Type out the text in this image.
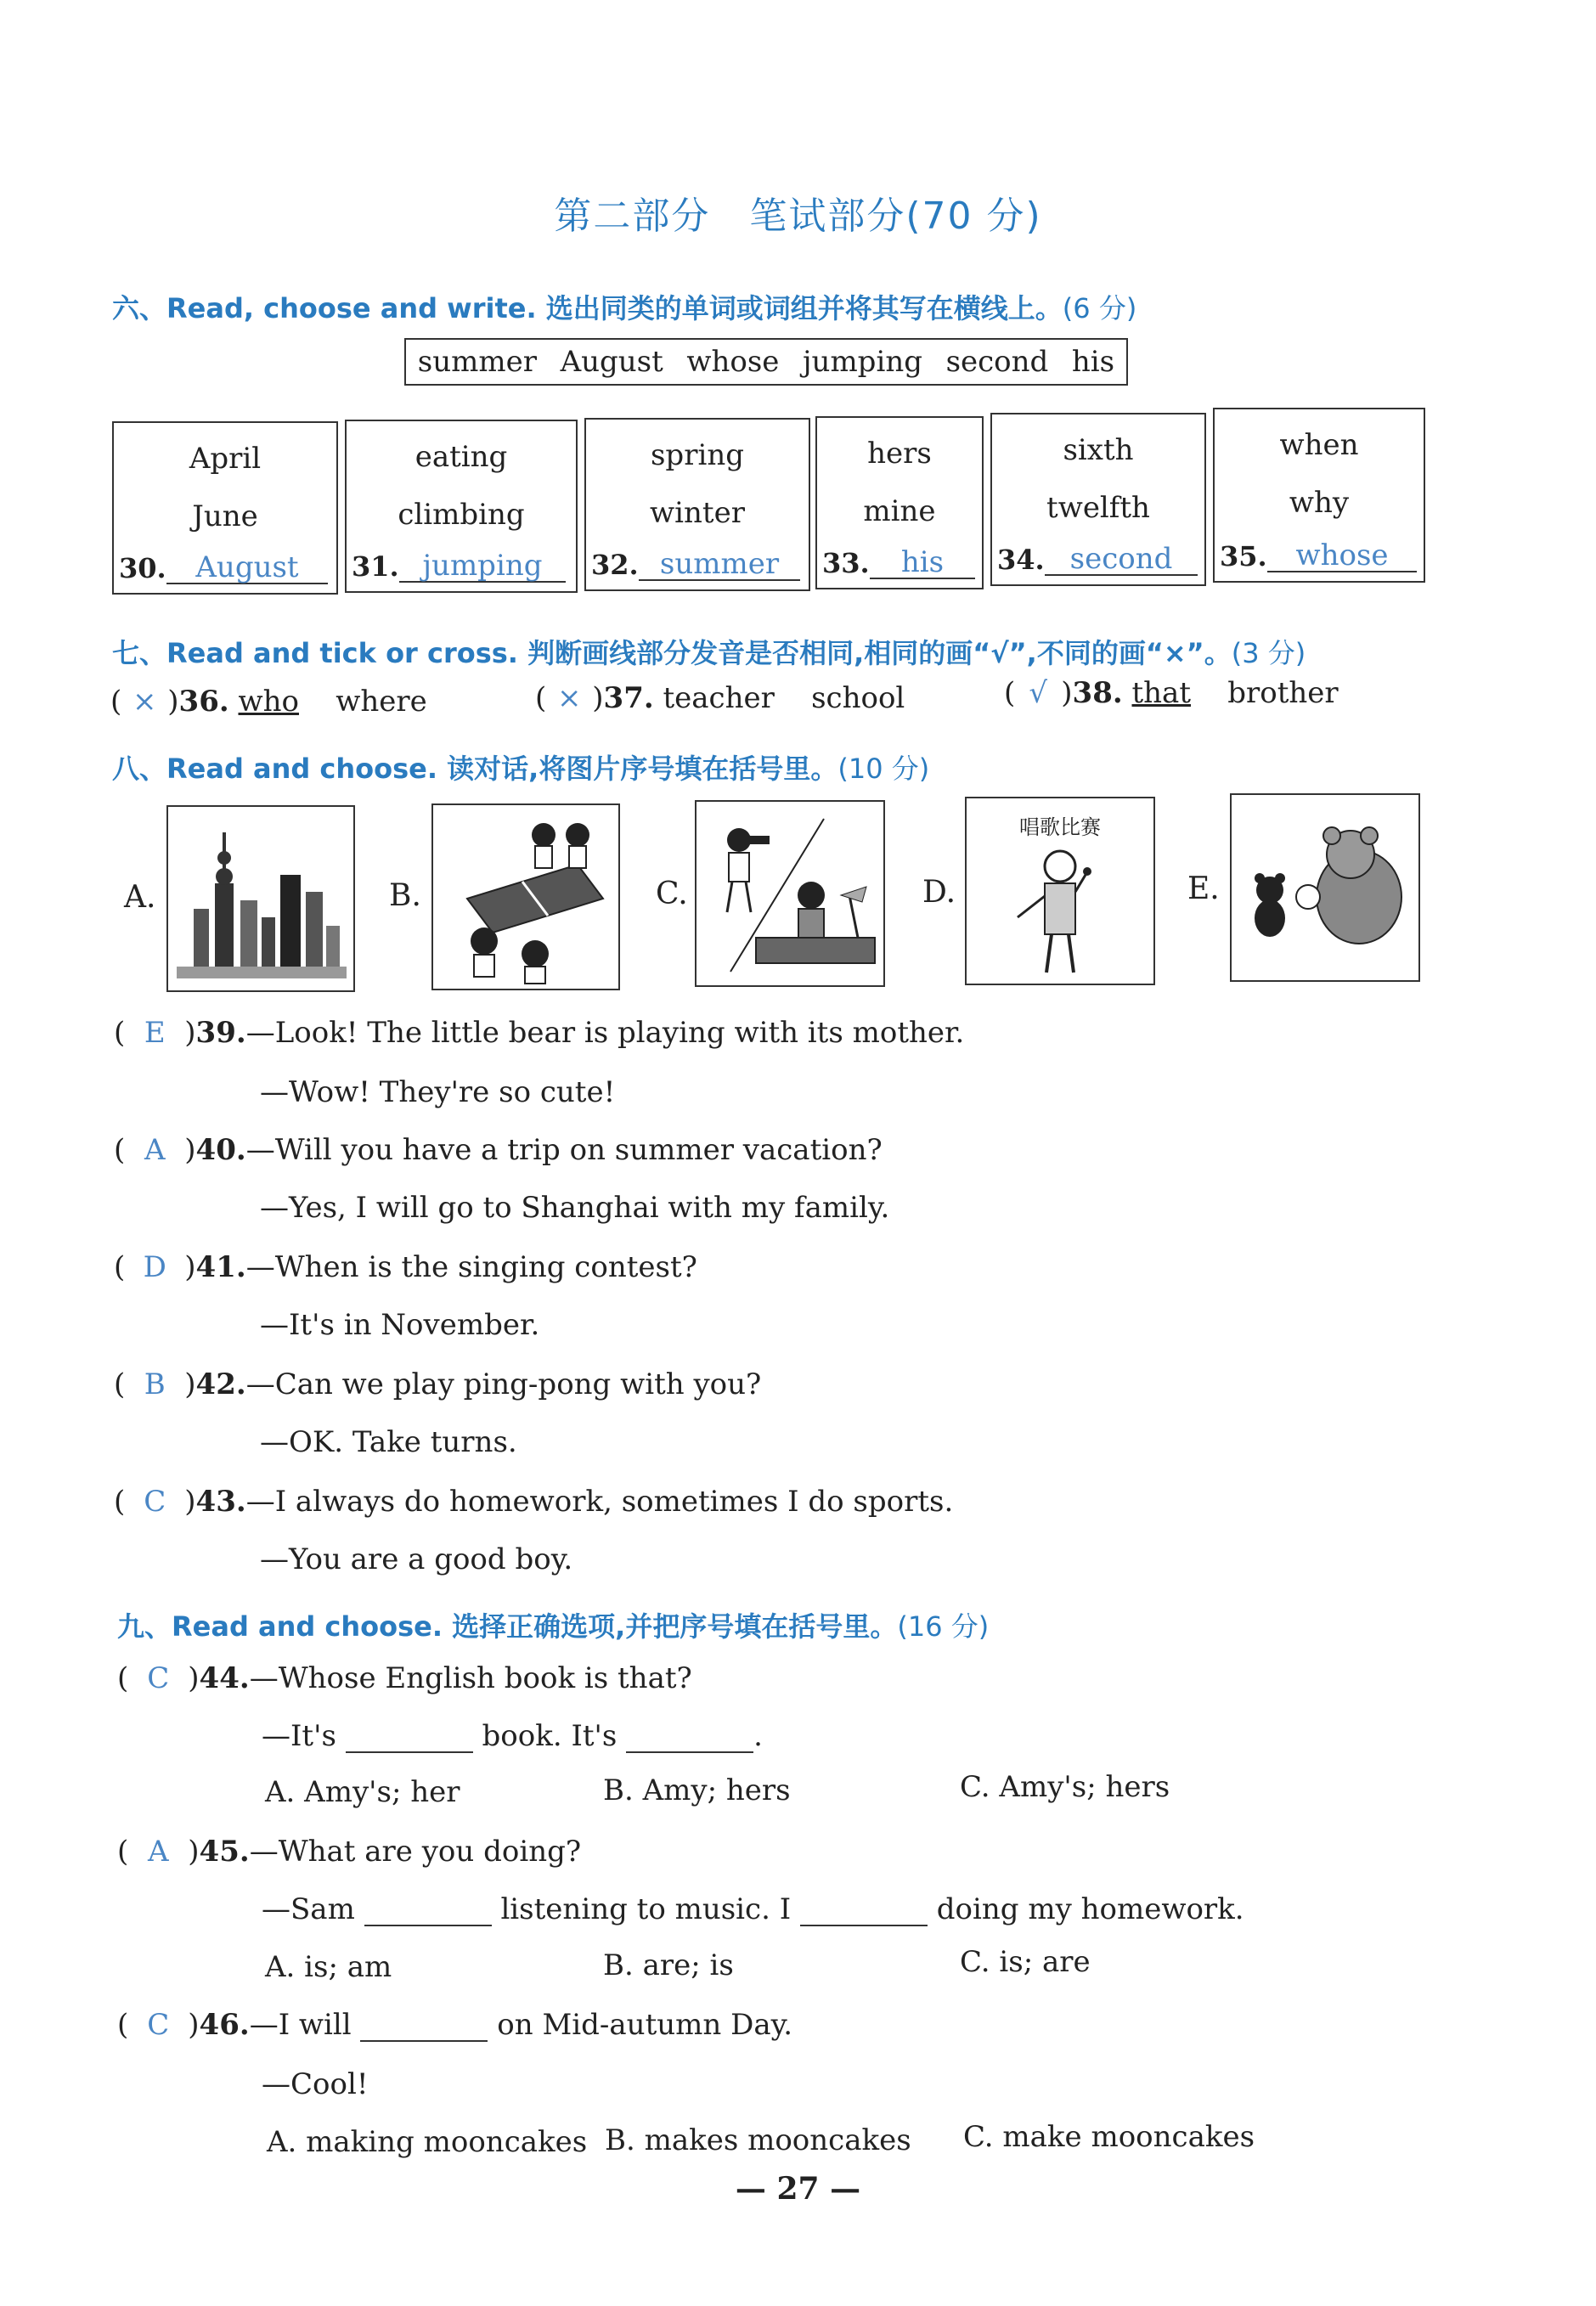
第二部分　笔试部分(70 分)
六、Read, choose and write. 选出同类的单词或词组并将其写在横线上。(6 分)
summer August whose jumping second his
April
June
30.	August
eating
climbing
31. jumping
spring
winter
32. summer
hers
mine
33.	his
sixth
twelfth
34. second
when
why
35. whose
七、Read and tick or cross. 判断画线部分发音是否相同,相同的画“√”,不同的画“×”。(3 分)
( × )36. who where	( × )37. teacher school	( √ )38. that brother
八、Read and choose. 读对话,将图片序号填在括号里。(10 分)
A.	B.	C.	D.
唱歌比赛
E.
( E )39.—Look! The little bear is playing with its mother.
—Wow! They're so cute!
( A )40.—Will you have a trip on summer vacation?
—Yes, I will go to Shanghai with my family.
( D )41.—When is the singing contest?
—It's in November.
( B )42.—Can we play ping-pong with you?
—OK. Take turns.
( C )43.—I always do homework, sometimes I do sports.
—You are a good boy.
九、Read and choose. 选择正确选项,并把序号填在括号里。(16 分)
( C )44.—Whose English book is that?
—It's	book. It's	.
A. Amy's; her	B. Amy; hers	C. Amy's; hers
( A )45.—What are you doing?
—Sam	listening to music. I	doing my homework.
A. is; am	B. are; is	C. is; are
( C )46.—I will	on Mid-autumn Day.
—Cool!
A. making mooncakes B. makes mooncakes C. make mooncakes
— 27 —
